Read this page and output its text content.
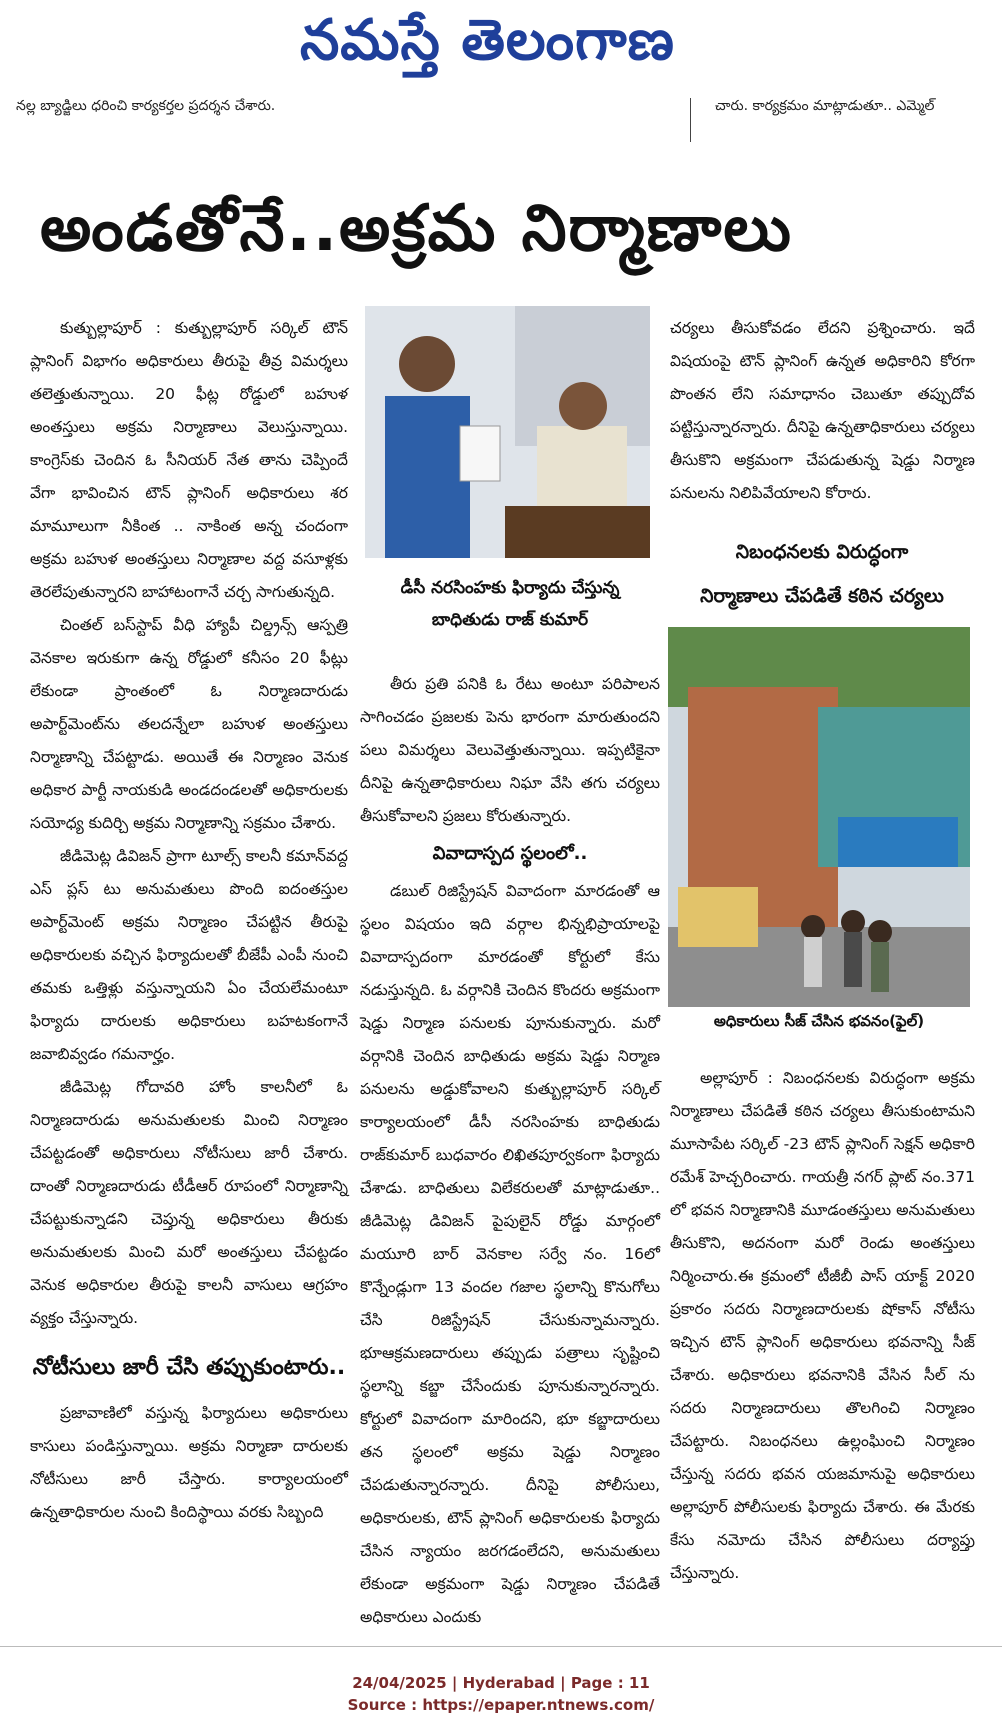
నమస్తే తెలంగాణ
నల్ల బ్యాడ్జిలు ధరించి కార్యకర్తల ప్రదర్శన చేశారు.	చారు. కార్యక్రమం మాట్లాడుతూ.. ఎమ్మెల్
అండతోనే..అక్రమ నిర్మాణాలు

కుత్బుల్లాపూర్ : కుత్బుల్లాపూర్ సర్కిల్ టౌన్ ప్లానింగ్ విభాగం అధికారులు తీరుపై తీవ్ర విమర్శలు తలెత్తుతున్నాయి. 20 ఫీట్ల రోడ్డులో బహుళ అంతస్తులు అక్రమ నిర్మాణాలు వెలుస్తున్నాయి. కాంగ్రెస్‌కు చెందిన ఓ సీనియర్ నేత తాను చెప్పిందే వేగా భావించిన టౌన్ ప్లానింగ్ అధికారులు శర మామూలుగా నీకింత .. నాకింత అన్న చందంగా అక్రమ బహుళ అంతస్తులు నిర్మాణాల వద్ద వసూళ్లకు తెరలేపుతున్నారని బాహాటంగానే చర్చ సాగుతున్నది.

చింతల్ బస్‌స్టాప్ వీధి హ్యాపీ చిల్డ్రన్స్ ఆస్పత్రి వెనకాల ఇరుకుగా ఉన్న రోడ్డులో కనీసం 20 ఫీట్లు లేకుండా ప్రాంతంలో ఓ నిర్మాణదారుడు అపార్ట్‌మెంట్‌ను తలదన్నేలా బహుళ అంతస్తులు నిర్మాణాన్ని చేపట్టాడు. అయితే ఈ నిర్మాణం వెనుక అధికార పార్టీ నాయకుడి అండదండలతో అధికారులకు సయోధ్య కుదిర్చి అక్రమ నిర్మాణాన్ని సక్రమం చేశారు.

జీడిమెట్ల డివిజన్ ప్రాగా టూల్స్ కాలనీ కమాన్‌వద్ద ఎస్ ప్లస్ టు అనుమతులు పొంది ఐదంతస్తుల అపార్ట్‌మెంట్ అక్రమ నిర్మాణం చేపట్టిన తీరుపై అధికారులకు వచ్చిన ఫిర్యాదులతో బీజేపీ ఎంపీ నుంచి తమకు ఒత్తిళ్లు వస్తున్నాయని ఏం చేయలేమంటూ ఫిర్యాదు దారులకు అధికారులు బహటకంగానే జవాబివ్వడం గమనార్హం.

జీడిమెట్ల గోదావరి హోం కాలనీలో ఓ నిర్మాణదారుడు అనుమతులకు మించి నిర్మాణం చేపట్టడంతో అధికారులు నోటీసులు జారీ చేశారు. దాంతో నిర్మాణదారుడు టీడీఆర్ రూపంలో నిర్మాణాన్ని చేపట్టుకున్నాడని చెప్తున్న అధికారులు తీరుకు అనుమతులకు మించి మరో అంతస్తులు చేపట్టడం వెనుక అధికారుల తీరుపై కాలనీ వాసులు ఆగ్రహం వ్యక్తం చేస్తున్నారు.

నోటీసులు జారీ చేసి తప్పుకుంటారు..

ప్రజావాణిలో వస్తున్న ఫిర్యాదులు అధికారులు కాసులు పండిస్తున్నాయి. అక్రమ నిర్మాణా దారులకు నోటీసులు జారీ చేస్తారు. కార్యాలయంలో ఉన్నతాధికారుల నుంచి కిందిస్థాయి వరకు సిబ్బంది

డీసీ నరసింహకు ఫిర్యాదు చేస్తున్న
బాధితుడు రాజ్ కుమార్

తీరు ప్రతి పనికి ఓ రేటు అంటూ పరిపాలన సాగించడం ప్రజలకు పెను భారంగా మారుతుందని పలు విమర్శలు వెలువెత్తుతున్నాయి. ఇప్పటికైనా దీనిపై ఉన్నతాధికారులు నిఘా వేసి తగు చర్యలు తీసుకోవాలని ప్రజలు కోరుతున్నారు.

వివాదాస్పద స్థలంలో..

డబుల్ రిజిస్ట్రేషన్ వివాదంగా మారడంతో ఆ స్థలం విషయం ఇది వర్గాల భిన్నభిప్రాయాలపై వివాదాస్పదంగా మారడంతో కోర్టులో కేసు నడుస్తున్నది. ఓ వర్గానికి చెందిన కొందరు అక్రమంగా షెడ్డు నిర్మాణ పనులకు పూనుకున్నారు. మరో వర్గానికి చెందిన బాధితుడు అక్రమ షెడ్డు నిర్మాణ పనులను అడ్డుకోవాలని కుత్బుల్లాపూర్ సర్కిల్ కార్యాలయంలో డీసీ నరసింహకు బాధితుడు రాజ్‌కుమార్ బుధవారం లిఖితపూర్వకంగా ఫిర్యాదు చేశాడు. బాధితులు విలేకరులతో మాట్లాడుతూ.. జీడిమెట్ల డివిజన్ పైపులైన్ రోడ్డు మార్గంలో మయూరి బార్ వెనకాల సర్వే నం. 16లో కొన్నేండ్లుగా 13 వందల గజాల స్థలాన్ని కొనుగోలు చేసి రిజిస్ట్రేషన్ చేసుకున్నామన్నారు. భూఆక్రమణదారులు తప్పుడు పత్రాలు సృష్టించి స్థలాన్ని కబ్జా చేసేందుకు పూనుకున్నారన్నారు. కోర్టులో వివాదంగా మారిందని, భూ కబ్జాదారులు తన స్థలంలో అక్రమ షెడ్డు నిర్మాణం చేపడుతున్నారన్నారు. దీనిపై పోలీసులు, అధికారులకు, టౌన్ ప్లానింగ్ అధికారులకు ఫిర్యాదు చేసిన న్యాయం జరగడంలేదని, అనుమతులు లేకుండా అక్రమంగా షెడ్డు నిర్మాణం చేపడితే అధికారులు ఎందుకు

చర్యలు తీసుకోవడం లేదని ప్రశ్నించారు. ఇదే విషయంపై టౌన్ ప్లానింగ్ ఉన్నత అధికారిని కోరగా పొంతన లేని సమాధానం చెబుతూ తప్పుదోవ పట్టిస్తున్నారన్నారు. దీనిపై ఉన్నతాధికారులు చర్యలు తీసుకొని అక్రమంగా చేపడుతున్న షెడ్డు నిర్మాణ పనులను నిలిపివేయాలని కోరారు.

నిబంధనలకు విరుద్ధంగా
నిర్మాణాలు చేపడితే కఠిన చర్యలు
అధికారులు సీజ్ చేసిన భవనం(ఫైల్)

అల్లాపూర్ : నిబంధనలకు విరుద్ధంగా అక్రమ నిర్మాణాలు చేపడితే కఠిన చర్యలు తీసుకుంటామని మూసాపేట సర్కిల్ -23 టౌన్ ప్లానింగ్ సెక్షన్ అధికారి రమేశ్ హెచ్చరించారు. గాయత్రీ నగర్ ప్లాట్ నం.371 లో భవన నిర్మాణానికి మూడంతస్తులు అనుమతులు తీసుకొని, అదనంగా మరో రెండు అంతస్తులు నిర్మించారు.ఈ క్రమంలో టీజీబీ పాస్ యాక్ట్ 2020 ప్రకారం సదరు నిర్మాణదారులకు షోకాస్ నోటీసు ఇచ్చిన టౌన్ ప్లానింగ్ అధికారులు భవనాన్ని సీజ్ చేశారు. అధికారులు భవనానికి వేసిన సీల్ ను సదరు నిర్మాణదారులు తొలగించి నిర్మాణం చేపట్టారు. నిబంధనలు ఉల్లంఘించి నిర్మాణం చేస్తున్న సదరు భవన యజమానుపై అధికారులు అల్లాపూర్ పోలీసులకు ఫిర్యాదు చేశారు. ఈ మేరకు కేసు నమోదు చేసిన పోలీసులు దర్యాప్తు చేస్తున్నారు.

24/04/2025 | Hyderabad | Page : 11
Source : https://epaper.ntnews.com/
